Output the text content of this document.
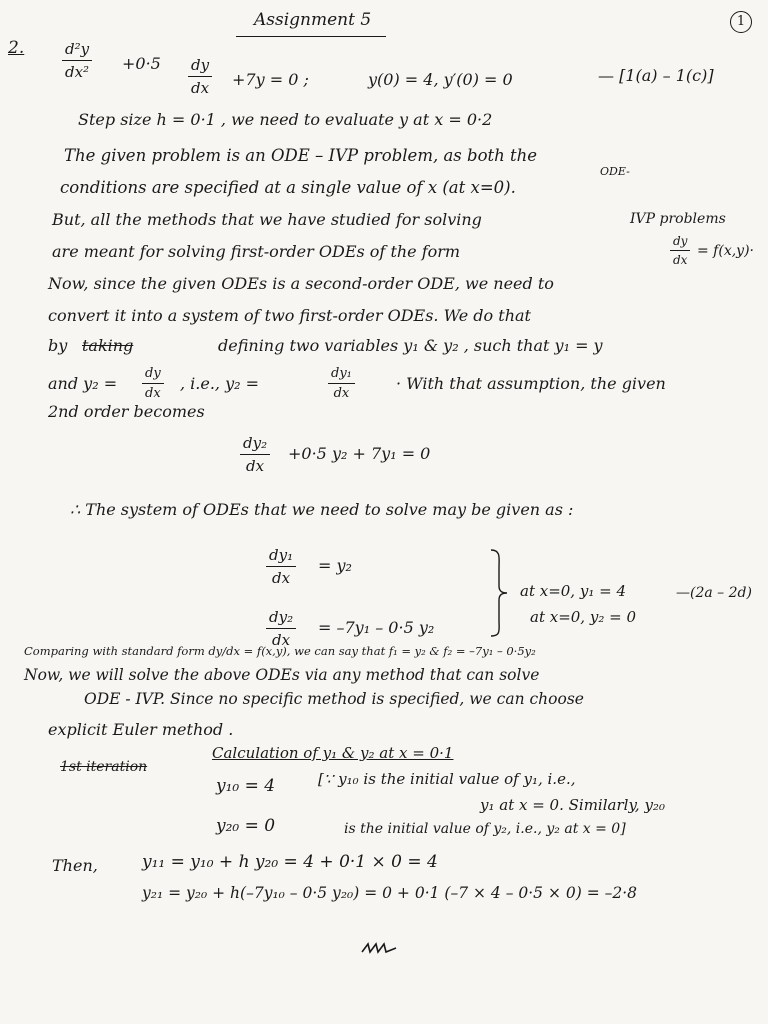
Assignment 5	1
2.	$\frac{\text{d²y}}{\text{dx²}} +0\cdot 5 \frac{dy}{dx} +7y = 0$ ;	y(0) = 4, y′(0) = 0	— [1(a) – 1(c)]
Step size h = 0·1 , we need to evaluate y at x = 0·2
The given problem is an ODE – IVP problem, as both the
ODE-
conditions are specified at a single value of x (at x=0).
But, all the methods that we have studied for solving	IVP problems
are meant for solving first-order ODEs of the form	$\frac{dy}{dx} = f(x,y)\cdot$
Now, since the given ODEs is a second-order ODE, we need to
convert it into a system of two first-order ODEs. We do that
by taking	defining two variables y₁ & y₂ , such that y₁ = y
and $y_2 = \frac{dy}{dx}$ , i.e., y₂ =	$\frac{\text{dy₁}}{dx}$	· With that assumption, the given
2nd order becomes
$\frac{\text{dy₂}}{dx} +0\cdot 5$ y₂ + 7y₁ = 0
∴ The system of ODEs that we need to solve may be given as :
$\frac{\text{dy₁}}{dx} = y_2$
$\frac{\text{dy₂}}{dx} = -7y_1 - 0\cdot 5$ y₂
at x=0, y₁ = 4
at x=0, y₂ = 0
—(2a – 2d)
Comparing with standard form dy/dx = f(x,y), we can say that f₁ = y₂ & f₂ = –7y₁ – 0·5y₂
Now, we will solve the above ODEs via any method that can solve
ODE - IVP. Since no specific method is specified, we can choose
explicit Euler method .
1st iteration
Calculation of y₁ & y₂ at x = 0·1
y₁₀ = 4	[∵ y₁₀ is the initial value of y₁, i.e.,
y₁ at x = 0. Similarly, y₂₀
y₂₀ = 0	is the initial value of y₂, i.e., y₂ at x = 0]
Then,	y₁₁ = y₁₀ + h y₂₀ = 4 + 0·1 × 0 = 4
y₂₁ = y₂₀ + h(–7y₁₀ – 0·5 y₂₀) = 0 + 0·1 (–7 × 4 – 0·5 × 0) = –2·8
